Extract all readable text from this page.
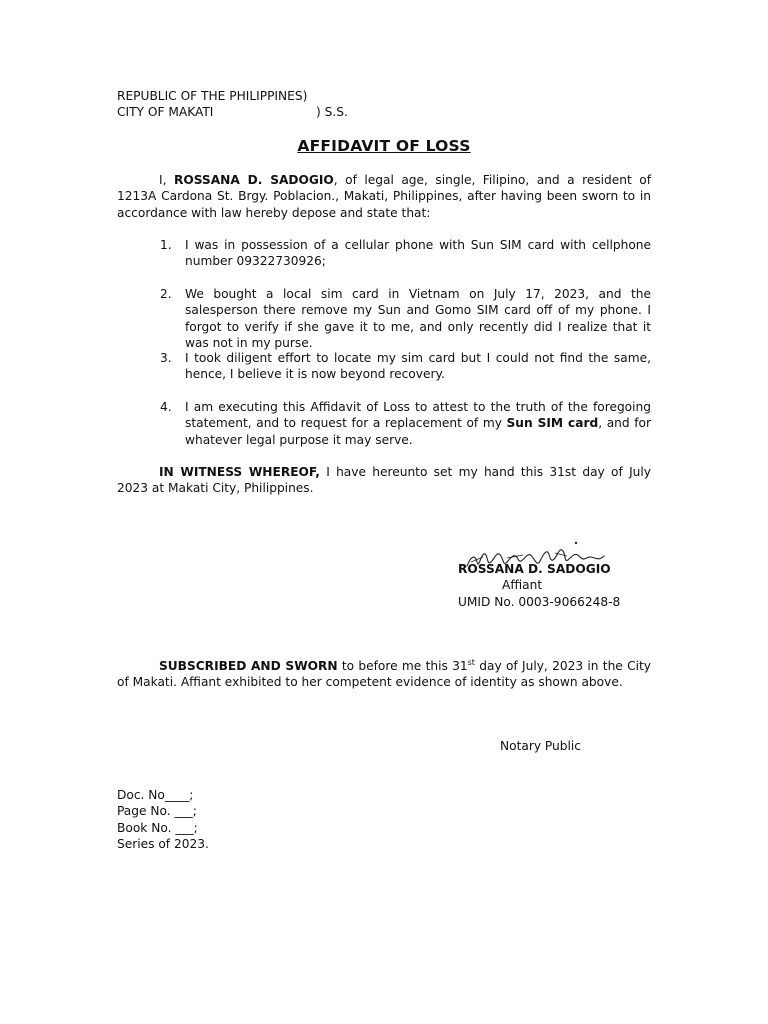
REPUBLIC OF THE PHILIPPINES)
CITY OF MAKATI	) S.S.
AFFIDAVIT OF LOSS
I, ROSSANA D. SADOGIO, of legal age, single, Filipino, and a resident of 1213A Cardona St. Brgy. Poblacion., Makati, Philippines, after having been sworn to in accordance with law hereby depose and state that:
1. I was in possession of a cellular phone with Sun SIM card with cellphone number 09322730926;
2. We bought a local sim card in Vietnam on July 17, 2023, and the salesperson there remove my Sun and Gomo SIM card off of my phone. I forgot to verify if she gave it to me, and only recently did I realize that it was not in my purse.
3. I took diligent effort to locate my sim card but I could not find the same, hence, I believe it is now beyond recovery.
4. I am executing this Affidavit of Loss to attest to the truth of the foregoing statement, and to request for a replacement of my Sun SIM card, and for whatever legal purpose it may serve.
IN WITNESS WHEREOF, I have hereunto set my hand this 31st day of July 2023 at Makati City, Philippines.
ROSSANA D. SADOGIO
Affiant
UMID No. 0003-9066248-8
SUBSCRIBED AND SWORN to before me this 31st day of July, 2023 in the City of Makati. Affiant exhibited to her competent evidence of identity as shown above.
Notary Public
Doc. No____;
Page No. ___;
Book No. ___;
Series of 2023.
